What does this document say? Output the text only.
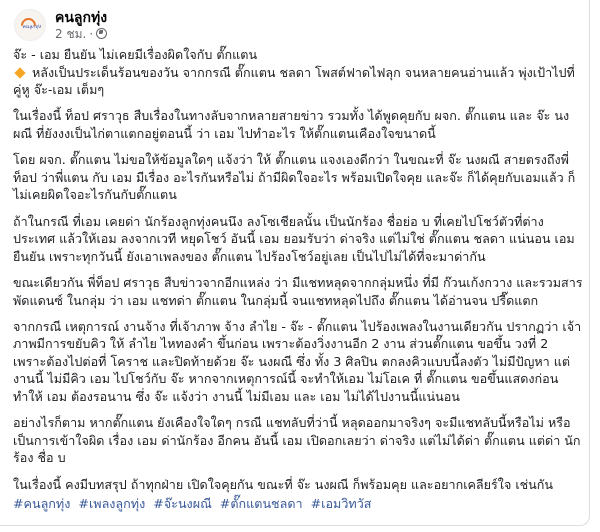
คนลูกทุ่ง
คนลูกทุ่ง
2 ชม. ·

จ๊ะ - เอม ยืนยัน ไม่เคยมีเรื่องผิดใจกับ ตั๊กแตน

หลังเป็นประเด็นร้อนของวัน จากกรณี ตั๊กแตน ชลดา โพสต์ฟาดไฟลุก จนหลายคนอ่านแล้ว พุ่งเป้าไปที่ คู่หู จ๊ะ-เอม เต็มๆ

ในเรื่องนี้ ท็อป ศราวุธ สืบเรื่องในทางลับจากหลายสายข่าว รวมทั้ง ได้พูดคุยกับ ผจก. ตั๊กแตน และ จ๊ะ นงผณี ที่ยังงงเป็นไก่ตาแตกอยู่ตอนนี้ ว่า เอม ไปทำอะไร ให้ตั๊กแตนเคืองใจขนาดนี้

โดย ผจก. ตั๊กแตน ไม่ขอให้ข้อมูลใดๆ แจ้งว่า ให้ ตั๊กแตน แจงเองดีกว่า ในขณะที่ จ๊ะ นงผณี สายตรงถึงพี่ท็อป ว่าพี่แตน กับ เอม มีเรื่อง อะไรกันหรือไม่ ถ้ามีผิดใจอะไร พร้อมเปิดใจคุย และจ๊ะ ก็ได้คุยกับเอมแล้ว ก็ไม่เคยผิดใจอะไรกันกับตั๊กแตน

ถ้าในกรณี ที่เอม เคยด่า นักร้องลูกทุ่งคนนึง ลงโซเชียลนั้น เป็นนักร้อง ชื่อย่อ บ ที่เคยไปโชว์ตัวที่ต่างประเทศ แล้วให้เอม ลงจากเวที หยุดโชว์ อันนี้ เอม ยอมรับว่า ด่าจริง แต่ไม่ใช่ ตั๊กแตน ชลดา แน่นอน เอมยืนยัน เพราะทุกวันนี้ ยังเอาเพลงของ ตั๊กแตน ไปร้องโชว์อยู่เลย เป็นไปไม่ได้ที่จะมาด่ากัน

ขณะเดียวกัน พี่ท็อป ศราวุธ สืบข่าวจากอีกแหล่ง ว่า มีแชทหลุดจากกลุ่มหนึ่ง ที่มี ก๊วนเก้งกวาง และรวมสารพัดแดนซ์ ในกลุ่ม ว่า เอม แชทด่า ตั๊กแตน ในกลุ่มนี้ จนแชทหลุดไปถึง ตั๊กแตน ได้อ่านจน ปรี๊ดแตก

จากกรณี เหตุการณ์ งานจ้าง ที่เจ้าภาพ จ้าง ลำไย - จ๊ะ - ตั๊กแตน ไปร้องเพลงในงานเดียวกัน ปรากฏว่า เจ้าภาพมีการขยับคิว ให้ ลำไย ไหทองคำ ขึ้นก่อน เพราะต้องวิ่งงานอีก 2 งาน ส่วนตั๊กแตน ขอขึ้น วงที่ 2 เพราะต้องไปต่อที่ โคราช และปิดท้ายด้วย จ๊ะ นงผณี ซึ่ง ทั้ง 3 ศิลปิน ตกลงคิวแบบนี้ลงตัว ไม่มีปัญหา แต่งานนี้ ไม่มีคิว เอม ไปโชว์กับ จ๊ะ หากจากเหตุการณ์นี้ จะทำให้เอม ไม่โอเค ที่ ตั๊กแตน ขอขึ้นแสดงก่อน ทำให้ เอม ต้องรอนาน ซึ่ง จ๊ะ แจ้งว่า งานนี้ ไม่มีเอม และ เอม ไม่ได้ไปงานนี้แน่นอน

อย่างไรก็ตาม หากตั๊กแตน ยังเคืองใจใดๆ กรณี แชทลับที่ว่านี้ หลุดออกมาจริงๆ จะมีแชทลับนี้หรือไม่ หรือ เป็นการเข้าใจผิด เรื่อง เอม ด่านักร้อง อีกคน อันนี้ เอม เปิดอกเลยว่า ด่าจริง แต่ไม่ได้ด่า ตั๊กแตน แต่ด่า นักร้อง ชื่อ บ

ในเรื่องนี้ คงมีบทสรุป ถ้าทุกฝ่าย เปิดใจคุยกัน ขณะที่ จ๊ะ นงผณี ก็พร้อมคุย และอยากเคลียร์ใจ เช่นกัน

#คนลูกทุ่ง #เพลงลูกทุ่ง #จ๊ะนงผณี #ตั๊กแตนชลดา #เอมวิทวัส
